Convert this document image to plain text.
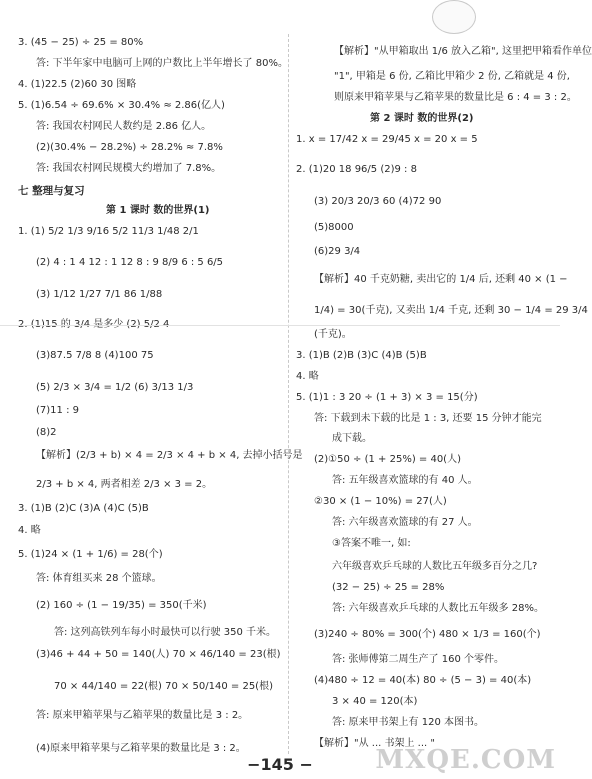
3. (45 − 25) ÷ 25 = 80%
答: 下半年家中电脑可上网的户数比上半年增长了 80%。
4. (1)22.5 (2)60 30 图略
5. (1)6.54 ÷ 69.6% × 30.4% ≈ 2.86(亿人)
答: 我国农村网民人数约是 2.86 亿人。
(2)(30.4% − 28.2%) ÷ 28.2% ≈ 7.8%
答: 我国农村网民规模大约增加了 7.8%。
七 整理与复习
第 1 课时 数的世界(1)
1. (1) 5/2 1/3 9/16 5/2 11/3 1/48 2/1
(2) 4 : 1 4 12 : 1 12 8 : 9 8/9 6 : 5 6/5
(3) 1/12 1/27 7/1 86 1/88
2. (1)15 的 3/4 是多少 (2) 5/2 4
(3)87.5 7/8 8 (4)100 75
(5) 2/3 × 3/4 = 1/2 (6) 3/13 1/3
(7)11 : 9
(8)2
【解析】(2/3 + b) × 4 = 2/3 × 4 + b × 4, 去掉小括号是
2/3 + b × 4, 两者相差 2/3 × 3 = 2。
3. (1)B (2)C (3)A (4)C (5)B
4. 略
5. (1)24 × (1 + 1/6) = 28(个)
答: 体育组买来 28 个篮球。
(2) 160 ÷ (1 − 19/35) = 350(千米)
答: 这列高铁列车每小时最快可以行驶 350 千米。
(3)46 + 44 + 50 = 140(人) 70 × 46/140 = 23(根)
70 × 44/140 = 22(根) 70 × 50/140 = 25(根)
答: 原来甲箱苹果与乙箱苹果的数量比是 3 : 2。
(4)原来甲箱苹果与乙箱苹果的数量比是 3 : 2。
【解析】"从甲箱取出 1/6 放入乙箱", 这里把甲箱看作单位
"1", 甲箱是 6 份, 乙箱比甲箱少 2 份, 乙箱就是 4 份,
则原来甲箱苹果与乙箱苹果的数量比是 6 : 4 = 3 : 2。
第 2 课时 数的世界(2)
1. x = 17/42 x = 29/45 x = 20 x = 5
2. (1)20 18 96/5 (2)9 : 8
(3) 20/3 20/3 60 (4)72 90
(5)8000
(6)29 3/4
【解析】40 千克奶糖, 卖出它的 1/4 后, 还剩 40 × (1 −
1/4) = 30(千克), 又卖出 1/4 千克, 还剩 30 − 1/4 = 29 3/4
(千克)。
3. (1)B (2)B (3)C (4)B (5)B
4. 略
5. (1)1 : 3 20 ÷ (1 + 3) × 3 = 15(分)
答: 下载到未下载的比是 1 : 3, 还要 15 分钟才能完
成下载。
(2)①50 ÷ (1 + 25%) = 40(人)
答: 五年级喜欢篮球的有 40 人。
②30 × (1 − 10%) = 27(人)
答: 六年级喜欢篮球的有 27 人。
③答案不唯一, 如:
六年级喜欢乒乓球的人数比五年级多百分之几?
(32 − 25) ÷ 25 = 28%
答: 六年级喜欢乒乓球的人数比五年级多 28%。
(3)240 ÷ 80% = 300(个) 480 × 1/3 = 160(个)
答: 张师傅第二周生产了 160 个零件。
(4)480 ÷ 12 = 40(本) 80 ÷ (5 − 3) = 40(本)
3 × 40 = 120(本)
答: 原来甲书架上有 120 本图书。
【解析】"从 ... 书架上 ... "
−145 −	MXQE.COM
